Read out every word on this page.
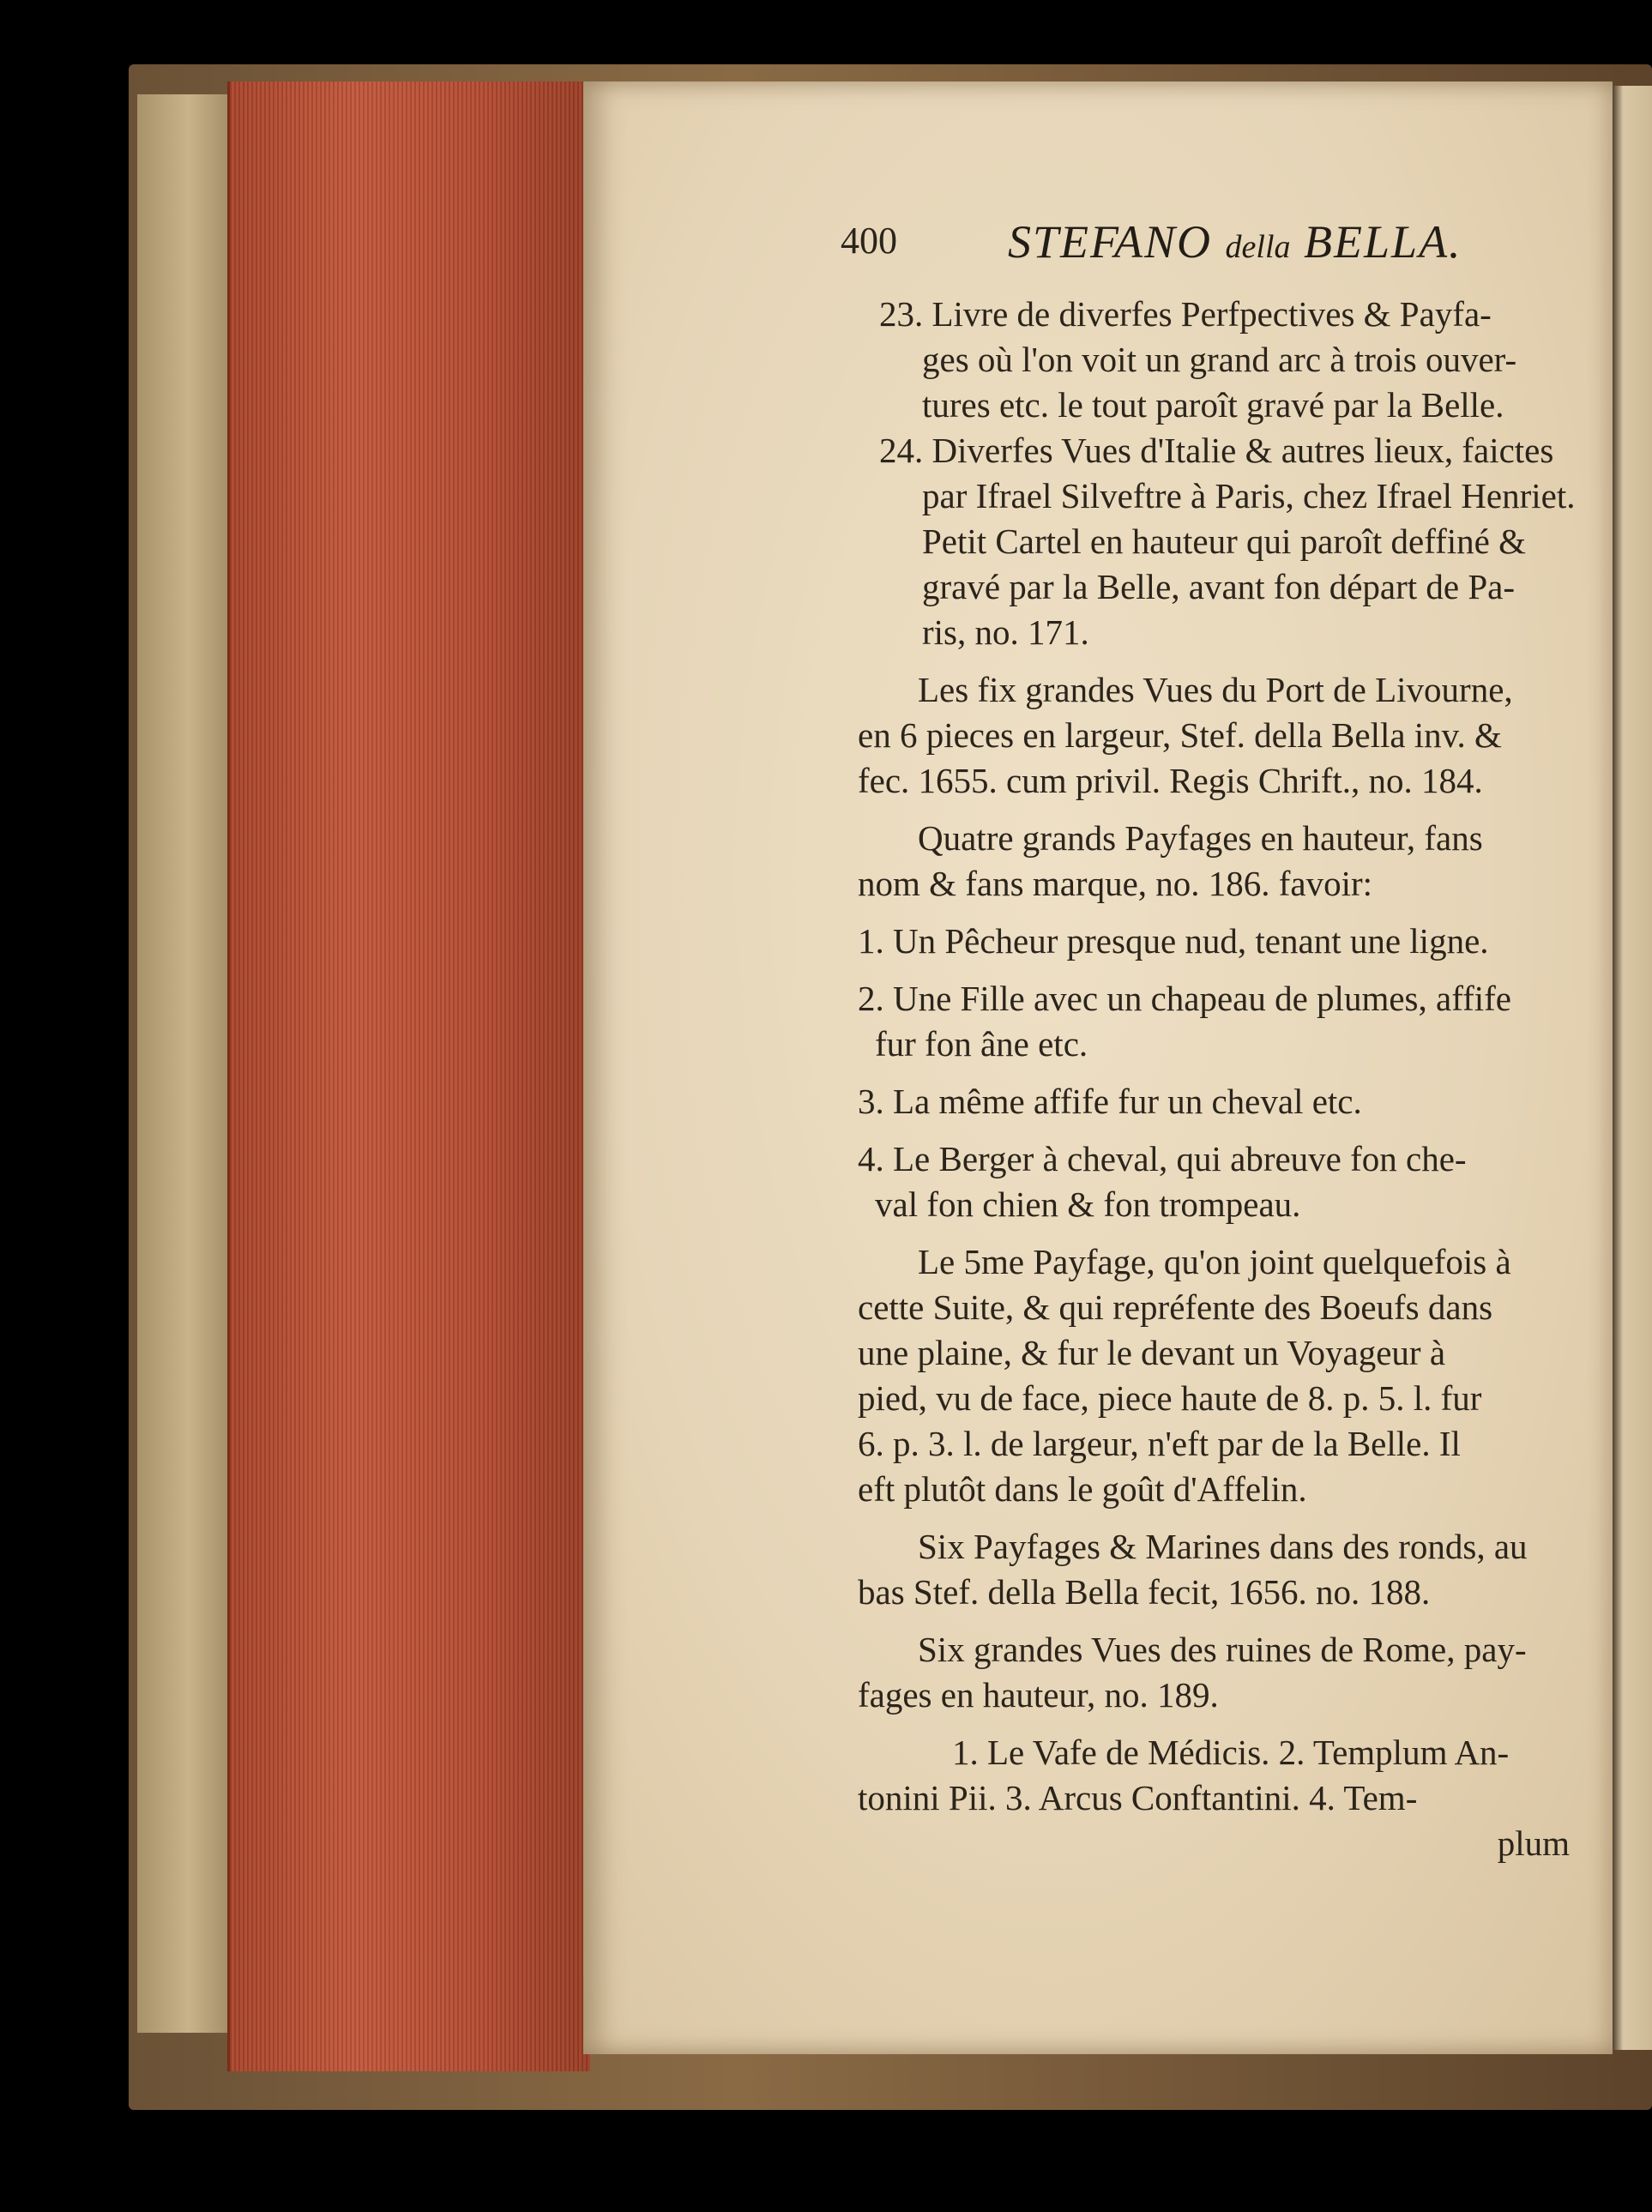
400 STEFANO della BELLA.
23. Livre de diverfes Perfpectives & Payfa-
ges où l'on voit un grand arc à trois ouver-
tures etc. le tout paroît gravé par la Belle.
24. Diverfes Vues d'Italie & autres lieux, faictes
par Ifrael Silveftre à Paris, chez Ifrael Henriet.
Petit Cartel en hauteur qui paroît deffiné &
gravé par la Belle, avant fon départ de Pa-
ris, no. 171.
Les fix grandes Vues du Port de Livourne,
en 6 pieces en largeur, Stef. della Bella inv. &
fec. 1655. cum privil. Regis Chrift., no. 184.
Quatre grands Payfages en hauteur, fans
nom & fans marque, no. 186. favoir:
1. Un Pêcheur presque nud, tenant une ligne.
2. Une Fille avec un chapeau de plumes, affife
fur fon âne etc.
3. La même affife fur un cheval etc.
4. Le Berger à cheval, qui abreuve fon che-
val fon chien & fon trompeau.
Le 5me Payfage, qu'on joint quelquefois à
cette Suite, & qui repréfente des Boeufs dans
une plaine, & fur le devant un Voyageur à
pied, vu de face, piece haute de 8. p. 5. l. fur
6. p. 3. l. de largeur, n'eft par de la Belle. Il
eft plutôt dans le goût d'Affelin.
Six Payfages & Marines dans des ronds, au
bas Stef. della Bella fecit, 1656. no. 188.
Six grandes Vues des ruines de Rome, pay-
fages en hauteur, no. 189.
1. Le Vafe de Médicis. 2. Templum An-
tonini Pii. 3. Arcus Conftantini. 4. Tem-
plum
